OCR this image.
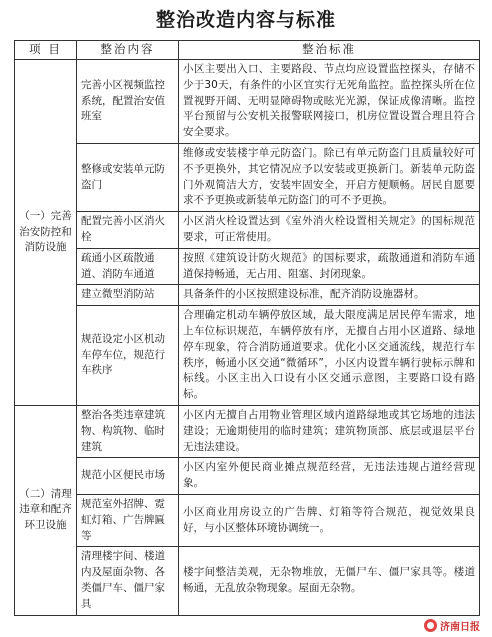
整治改造内容与标准
项 目	整治内容	整治标准
（一）完善治安防控和消防设施	完善小区视频监控系统，配置治安值班室	小区主要出入口、主要路段、节点均应设置监控探头，存储不少于30天，有条件的小区宜实行无死角监控。监控探头所在位置视野开阔、无明显障碍物或眩光光源，保证成像清晰。监控平台预留与公安机关报警联网接口，机房位置设置合理且符合安全要求。
	整修或安装单元防盗门	维修或安装楼宇单元防盗门。除已有单元防盗门且质量较好可不予更换外，其它情况应予以安装或更换新门。新装单元防盗门外观简洁大方，安装牢固安全，开启方便顺畅。居民自愿要求不予更换或新装单元防盗门的可不予更换。
	配置完善小区消火栓	小区消火栓设置达到《室外消火栓设置相关规定》的国标规范要求，可正常使用。
	疏通小区疏散通道、消防车通道	按照《建筑设计防火规范》的国标要求，疏散通道和消防车通道保持畅通，无占用、阻塞、封闭现象。
	建立微型消防站	具备条件的小区按照建设标准，配齐消防设施器材。
	规范设定小区机动车停车位，规范行车秩序	合理确定机动车辆停放区域，最大限度满足居民停车需求，地上车位标识规范，车辆停放有序，无擅自占用小区道路、绿地停车现象，符合消防通道要求。优化小区交通流线，规范行车秩序，畅通小区交通“微循环”，小区内设置车辆行驶标示牌和标线。小区主出入口设有小区交通示意图，主要路口设有路标。
（二）清理违章和配齐环卫设施	整治各类违章建筑物、构筑物、临时建筑	小区内无擅自占用物业管理区域内道路绿地或其它场地的违法建设；无逾期使用的临时建筑；建筑物顶部、底层或退层平台无违法建设。
	规范小区便民市场	小区内室外便民商业摊点规范经营，无违法违规占道经营现象。
	规范室外招牌、霓虹灯箱、广告牌匾等	小区商业用房设立的广告牌、灯箱等符合规范，视觉效果良好，与小区整体环境协调统一。
	清理楼宇间、楼道内及屋面杂物、各类僵尸车、僵尸家具	楼宇间整洁美观，无杂物堆放，无僵尸车、僵尸家具等。楼道畅通，无乱放杂物现象。屋面无杂物。
济南日报
